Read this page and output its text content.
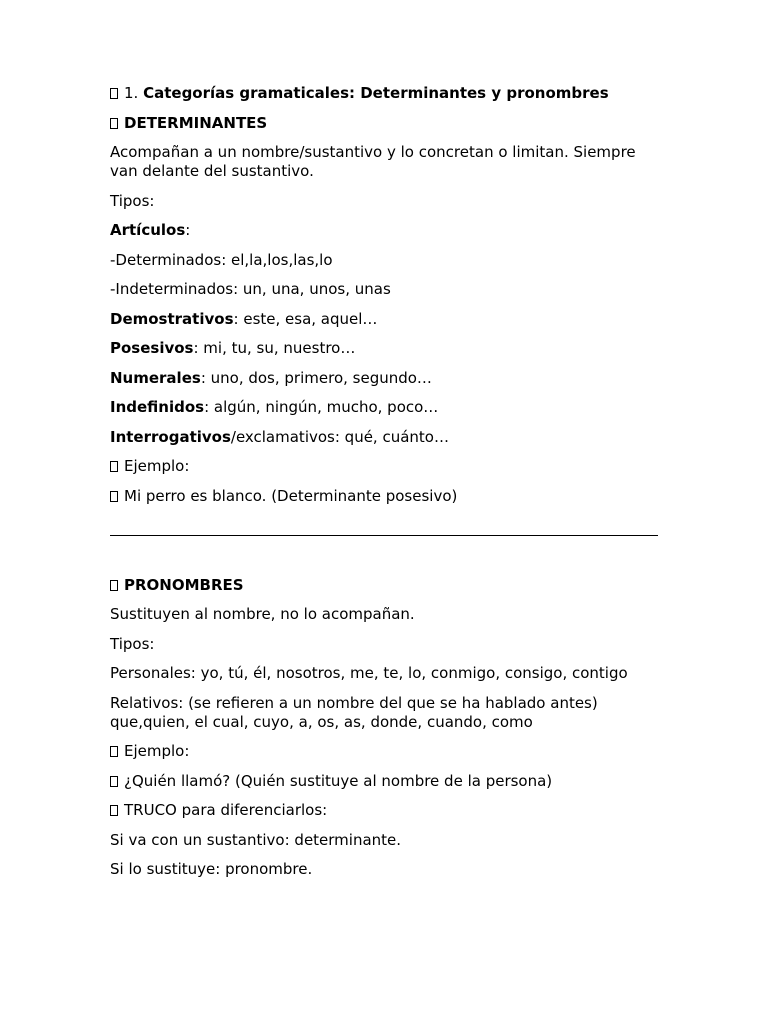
1. Categorías gramaticales: Determinantes y pronombres

DETERMINANTES

Acompañan a un nombre/sustantivo y lo concretan o limitan. Siempre van delante del sustantivo.

Tipos:

Artículos:

-Determinados: el,la,los,las,lo

-Indeterminados: un, una, unos, unas

Demostrativos: este, esa, aquel…

Posesivos: mi, tu, su, nuestro…

Numerales: uno, dos, primero, segundo…

Indefinidos: algún, ningún, mucho, poco…

Interrogativos/exclamativos: qué, cuánto…

Ejemplo:

Mi perro es blanco. (Determinante posesivo)

PRONOMBRES

Sustituyen al nombre, no lo acompañan.

Tipos:

Personales: yo, tú, él, nosotros, me, te, lo, conmigo, consigo, contigo

Relativos: (se refieren a un nombre del que se ha hablado antes) que,quien, el cual, cuyo, a, os, as, donde, cuando, como

Ejemplo:

¿Quién llamó? (Quién sustituye al nombre de la persona)

TRUCO para diferenciarlos:

Si va con un sustantivo: determinante.

Si lo sustituye: pronombre.
